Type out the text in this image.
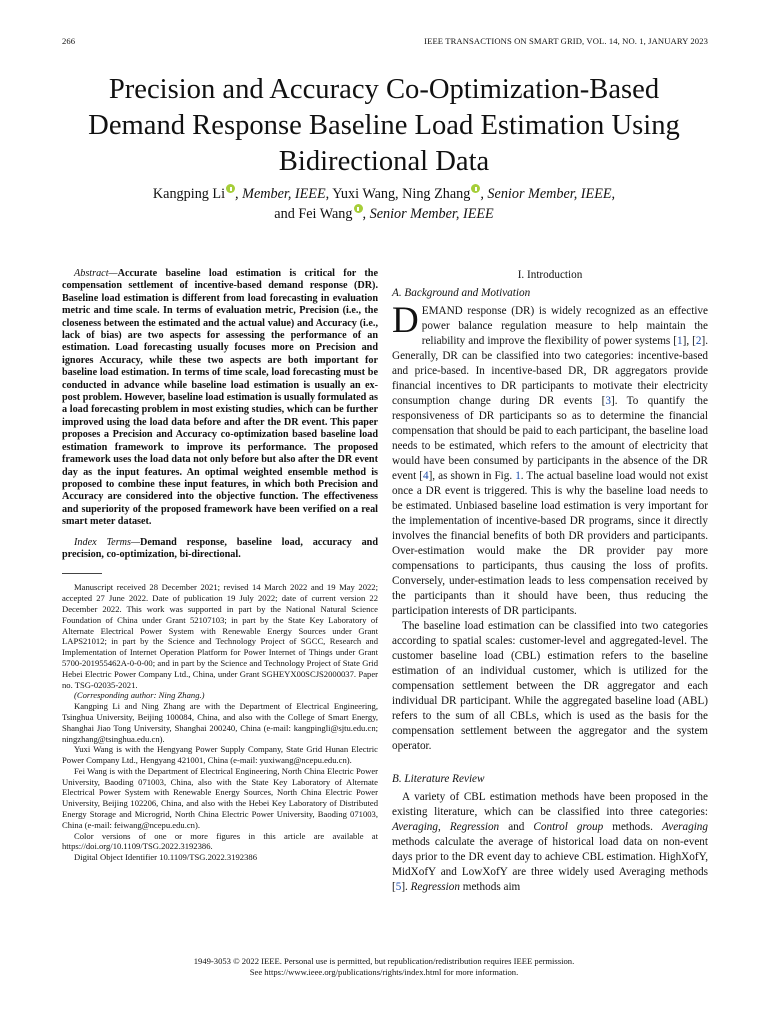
266	IEEE TRANSACTIONS ON SMART GRID, VOL. 14, NO. 1, JANUARY 2023
Precision and Accuracy Co-Optimization-Based Demand Response Baseline Load Estimation Using Bidirectional Data
Kangping Li , Member, IEEE, Yuxi Wang, Ning Zhang , Senior Member, IEEE,
and Fei Wang , Senior Member, IEEE

Abstract—Accurate baseline load estimation is critical for the compensation settlement of incentive-based demand response (DR). Baseline load estimation is different from load forecasting in evaluation metric and time scale. In terms of evaluation metric, Precision (i.e., the closeness between the estimated and the actual value) and Accuracy (i.e., lack of bias) are two aspects for assessing the performance of an estimation. Load forecasting usually focuses more on Precision and ignores Accuracy, while these two aspects are both important for baseline load estimation. In terms of time scale, load forecasting must be conducted in advance while baseline load estimation is usually an ex-post problem. However, baseline load estimation is usually formulated as a load forecasting problem in most existing studies, which can be further improved using the load data before and after the DR event. This paper proposes a Precision and Accuracy co-optimization based baseline load estimation framework to improve its performance. The proposed framework uses the load data not only before but also after the DR event day as the input features. An optimal weighted ensemble method is proposed to combine these input features, in which both Precision and Accuracy are considered into the objective function. The effectiveness and superiority of the proposed framework have been verified on a real smart meter dataset.

Index Terms—Demand response, baseline load, accuracy and precision, co-optimization, bi-directional.

Manuscript received 28 December 2021; revised 14 March 2022 and 19 May 2022; accepted 27 June 2022. Date of publication 19 July 2022; date of current version 22 December 2022. This work was supported in part by the National Natural Science Foundation of China under Grant 52107103; in part by the State Key Laboratory of Alternate Electrical Power System with Renewable Energy Sources under Grant LAPS21012; in part by the Science and Technology Project of SGCC, Research and Implementation of Internet Operation Platform for Power Internet of Things under Grant 5700-201955462A-0-0-00; and in part by the Science and Technology Project of State Grid Hebei Electric Power Company Ltd., China, under Grant SGHEYX00SCJS2000037. Paper no. TSG-02035-2021.

(Corresponding author: Ning Zhang.)

Kangping Li and Ning Zhang are with the Department of Electrical Engineering, Tsinghua University, Beijing 100084, China, and also with the College of Smart Energy, Shanghai Jiao Tong University, Shanghai 200240, China (e-mail: kangpingli@sjtu.edu.cn; ningzhang@tsinghua.edu.cn).

Yuxi Wang is with the Hengyang Power Supply Company, State Grid Hunan Electric Power Company Ltd., Hengyang 421001, China (e-mail: yuxiwang@ncepu.edu.cn).

Fei Wang is with the Department of Electrical Engineering, North China Electric Power University, Baoding 071003, China, also with the State Key Laboratory of Alternate Electrical Power System with Renewable Energy Sources, North China Electric Power University, Beijing 102206, China, and also with the Hebei Key Laboratory of Distributed Energy Storage and Microgrid, North China Electric Power University, Baoding 071003, China (e-mail: feiwang@ncepu.edu.cn).

Color versions of one or more figures in this article are available at https://doi.org/10.1109/TSG.2022.3192386.

Digital Object Identifier 10.1109/TSG.2022.3192386

I. Introduction

A. Background and Motivation

DEMAND response (DR) is widely recognized as an effective power balance regulation measure to help maintain the reliability and improve the flexibility of power systems [1], [2]. Generally, DR can be classified into two categories: incentive-based and price-based. In incentive-based DR, DR aggregators provide financial incentives to DR participants to motivate their electricity consumption change during DR events [3]. To quantify the responsiveness of DR participants so as to determine the financial compensation that should be paid to each participant, the baseline load needs to be estimated, which refers to the amount of electricity that would have been consumed by participants in the absence of the DR event [4], as shown in Fig. 1. The actual baseline load would not exist once a DR event is triggered. This is why the baseline load needs to be estimated. Unbiased baseline load estimation is very important for the implementation of incentive-based DR programs, since it directly involves the financial benefits of both DR providers and participants. Over-estimation would make the DR provider pay more compensations to participants, thus causing the loss of profits. Conversely, under-estimation leads to less compensation received by the participants than it should have been, thus reducing the participation interests of DR participants.

The baseline load estimation can be classified into two categories according to spatial scales: customer-level and aggregated-level. The customer baseline load (CBL) estimation refers to the baseline estimation of an individual customer, which is utilized for the compensation settlement between the DR aggregator and each individual DR participant. While the aggregated baseline load (ABL) refers to the sum of all CBLs, which is used as the basis for the compensation settlement between the aggregator and the system operator.

B. Literature Review

A variety of CBL estimation methods have been proposed in the existing literature, which can be classified into three categories: Averaging, Regression and Control group methods. Averaging methods calculate the average of historical load data on non-event days prior to the DR event day to achieve CBL estimation. HighXofY, MidXofY and LowXofY are three widely used Averaging methods [5]. Regression methods aim

1949-3053 © 2022 IEEE. Personal use is permitted, but republication/redistribution requires IEEE permission.
See https://www.ieee.org/publications/rights/index.html for more information.
